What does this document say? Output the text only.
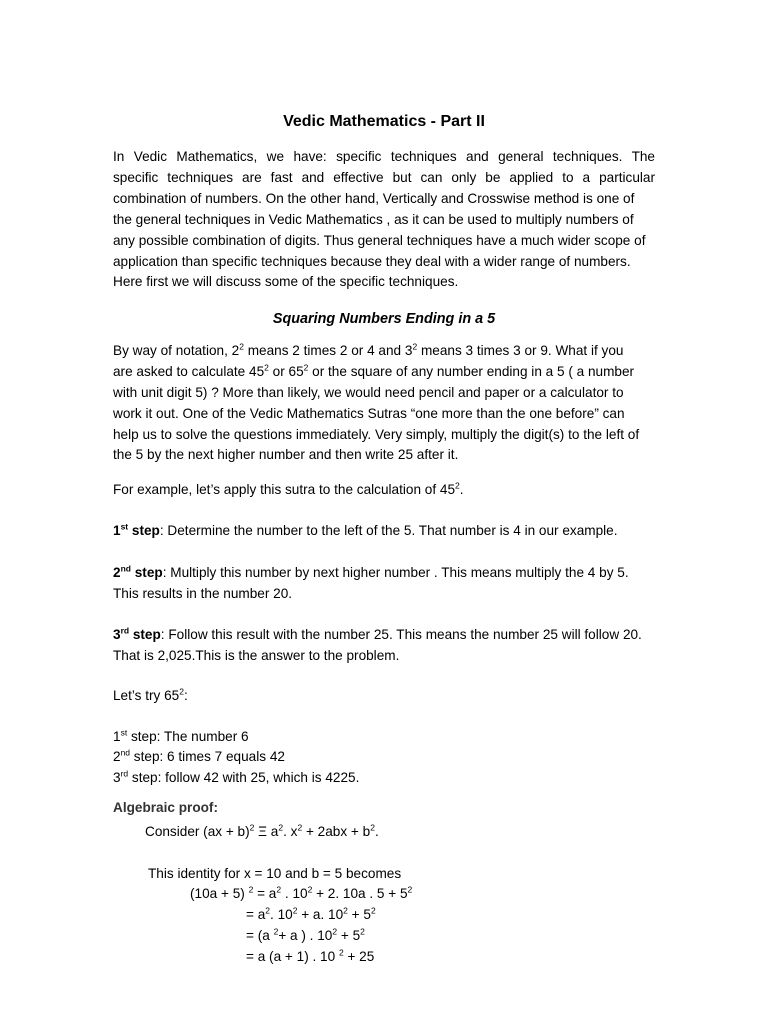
Vedic Mathematics - Part II
In Vedic Mathematics, we have: specific techniques and general techniques. The
specific techniques are fast and effective but can only be applied to a particular
combination of numbers. On the other hand, Vertically and Crosswise method is one of
the general techniques in Vedic Mathematics , as it can be used to multiply numbers of
any possible combination of digits. Thus general techniques have a much wider scope of
application than specific techniques because they deal with a wider range of numbers.
Here first we will discuss some of the specific techniques.
Squaring Numbers Ending in a 5
By way of notation, $2^2$ means 2 times 2 or 4 and $3^2$ means 3 times 3 or 9. What if you
are asked to calculate $45^2$ or $65^2$ or the square of any number ending in a 5 ( a number
with unit digit 5) ? More than likely, we would need pencil and paper or a calculator to
work it out. One of the Vedic Mathematics Sutras “one more than the one before” can
help us to solve the questions immediately. Very simply, multiply the digit(s) to the left of
the 5 by the next higher number and then write 25 after it.
For example, let’s apply this sutra to the calculation of $45^2$.
1st step: Determine the number to the left of the 5. That number is 4 in our example.
2nd step: Multiply this number by next higher number . This means multiply the 4 by 5.
This results in the number 20.
3rd step: Follow this result with the number 25. This means the number 25 will follow 20.
That is 2,025.This is the answer to the problem.
Let’s try $65^2$:
1st step: The number 6
2nd step: 6 times 7 equals 42
3rd step: follow 42 with 25, which is 4225.
Algebraic proof:
Consider (ax + b)$^2$ Ξ $a^2$. $x^2 + 2abx + b^2$.
This identity for x = 10 and b = 5 becomes
(10a + 5) $^2 = a^2$ . $10^2 + 2$. 10a . $5 + 5^2$
= $a^2$. $10^2 + a$. $10^2 + 5^2$
= (a $^2$+ a ) . $10^2 + 5^2$
= a (a + 1) . 10 $^2$ + 25
